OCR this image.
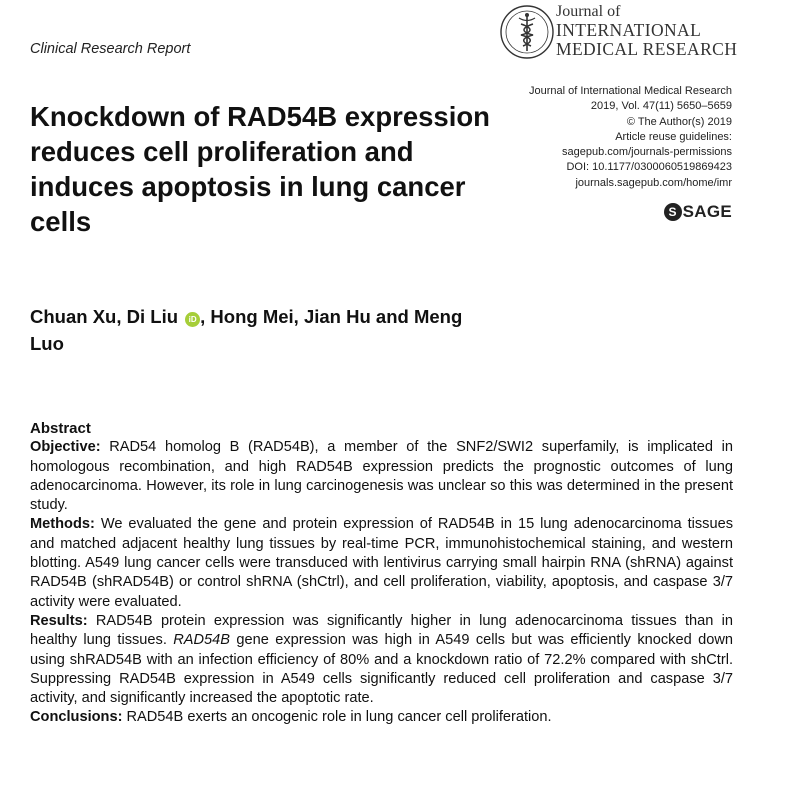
Clinical Research Report
Journal of
INTERNATIONAL
MEDICAL RESEARCH
Journal of International Medical Research
2019, Vol. 47(11) 5650–5659
© The Author(s) 2019
Article reuse guidelines:
sagepub.com/journals-permissions
DOI: 10.1177/0300060519869423
journals.sagepub.com/home/imr
S SAGE
Knockdown of RAD54B expression reduces cell proliferation and induces apoptosis in lung cancer cells
Chuan Xu, Di Liu iD , Hong Mei, Jian Hu and Meng Luo
Abstract

Objective: RAD54 homolog B (RAD54B), a member of the SNF2/SWI2 superfamily, is implicated in homologous recombination, and high RAD54B expression predicts the prognostic outcomes of lung adenocarcinoma. However, its role in lung carcinogenesis was unclear so this was determined in the present study.

Methods: We evaluated the gene and protein expression of RAD54B in 15 lung adenocarcinoma tissues and matched adjacent healthy lung tissues by real-time PCR, immunohistochemical staining, and western blotting. A549 lung cancer cells were transduced with lentivirus carrying small hairpin RNA (shRNA) against RAD54B (shRAD54B) or control shRNA (shCtrl), and cell proliferation, viability, apoptosis, and caspase 3/7 activity were evaluated.

Results: RAD54B protein expression was significantly higher in lung adenocarcinoma tissues than in healthy lung tissues. RAD54B gene expression was high in A549 cells but was efficiently knocked down using shRAD54B with an infection efficiency of 80% and a knockdown ratio of 72.2% compared with shCtrl. Suppressing RAD54B expression in A549 cells significantly reduced cell proliferation and caspase 3/7 activity, and significantly increased the apoptotic rate.

Conclusions: RAD54B exerts an oncogenic role in lung cancer cell proliferation.
